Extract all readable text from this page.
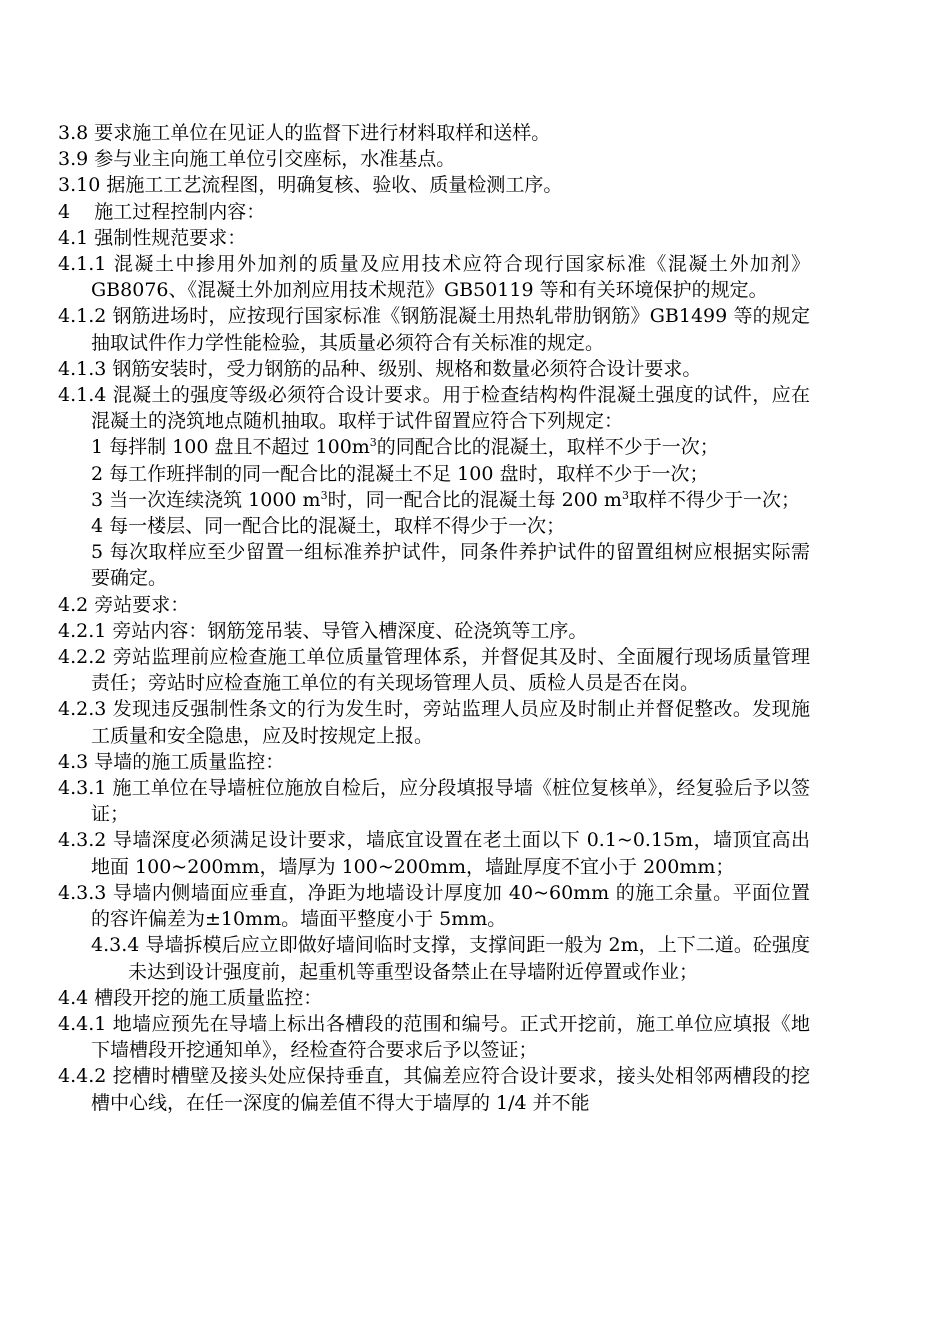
3.8 要求施工单位在见证人的监督下进行材料取样和送样。

3.9 参与业主向施工单位引交座标，水准基点。

3.10 据施工工艺流程图，明确复核、验收、质量检测工序。

4    施工过程控制内容：

4.1 强制性规范要求：

4.1.1 混凝土中掺用外加剂的质量及应用技术应符合现行国家标准《混凝土外加剂》GB8076、《混凝土外加剂应用技术规范》GB50119 等和有关环境保护的规定。

4.1.2 钢筋进场时，应按现行国家标准《钢筋混凝土用热轧带肋钢筋》GB1499 等的规定抽取试件作力学性能检验，其质量必须符合有关标准的规定。

4.1.3 钢筋安装时，受力钢筋的品种、级别、规格和数量必须符合设计要求。

4.1.4 混凝土的强度等级必须符合设计要求。用于检查结构构件混凝土强度的试件，应在混凝土的浇筑地点随机抽取。取样于试件留置应符合下列规定：

1 每拌制 100 盘且不超过 $100m^3$的同配合比的混凝土，取样不少于一次；

2 每工作班拌制的同一配合比的混凝土不足 100 盘时，取样不少于一次；

3 当一次连续浇筑 1000 $m^3$时，同一配合比的混凝土每 200 $m^3$取样不得少于一次；

4 每一楼层、同一配合比的混凝土，取样不得少于一次；

5 每次取样应至少留置一组标准养护试件，同条件养护试件的留置组树应根据实际需要确定。

4.2 旁站要求：

4.2.1 旁站内容：钢筋笼吊装、导管入槽深度、砼浇筑等工序。

4.2.2 旁站监理前应检查施工单位质量管理体系，并督促其及时、全面履行现场质量管理责任；旁站时应检查施工单位的有关现场管理人员、质检人员是否在岗。

4.2.3 发现违反强制性条文的行为发生时，旁站监理人员应及时制止并督促整改。发现施工质量和安全隐患，应及时按规定上报。

4.3 导墙的施工质量监控：

4.3.1 施工单位在导墙桩位施放自检后，应分段填报导墙《桩位复核单》，经复验后予以签证；

4.3.2 导墙深度必须满足设计要求，墙底宜设置在老土面以下 0.1~0.15m，墙顶宜高出地面 100~200mm，墙厚为 100~200mm，墙趾厚度不宜小于 200mm；

4.3.3 导墙内侧墙面应垂直，净距为地墙设计厚度加 40~60mm 的施工余量。平面位置的容许偏差为±10mm。墙面平整度小于 5mm。

4.3.4 导墙拆模后应立即做好墙间临时支撑，支撑间距一般为 2m，上下二道。砼强度未达到设计强度前，起重机等重型设备禁止在导墙附近停置或作业；

4.4 槽段开挖的施工质量监控：

4.4.1 地墙应预先在导墙上标出各槽段的范围和编号。正式开挖前，施工单位应填报《地下墙槽段开挖通知单》，经检查符合要求后予以签证；

4.4.2 挖槽时槽壁及接头处应保持垂直，其偏差应符合设计要求，接头处相邻两槽段的挖槽中心线，在任一深度的偏差值不得大于墙厚的 1/4 并不能
